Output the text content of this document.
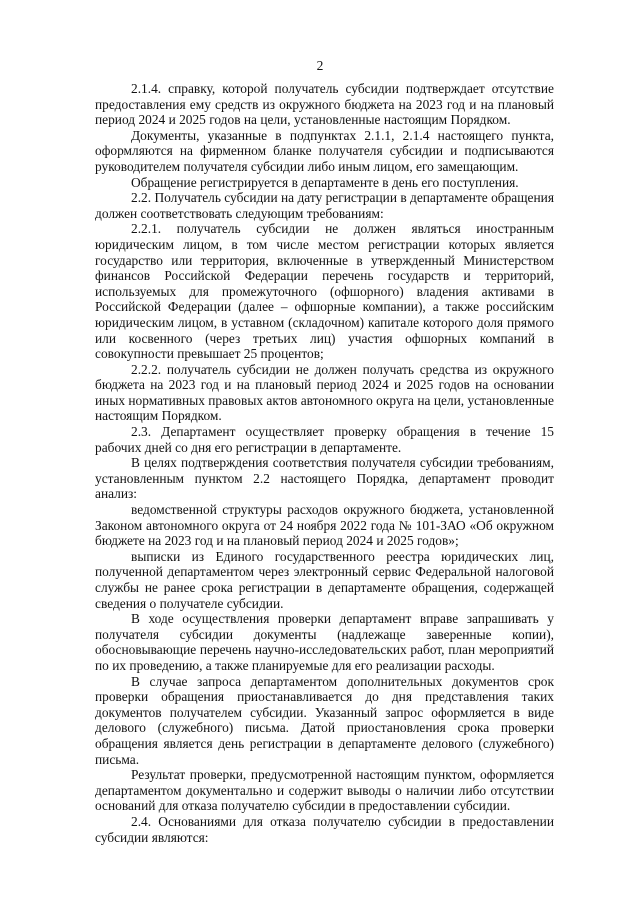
2

2.1.4. справку, которой получатель субсидии подтверждает отсутствие
предоставления ему средств из окружного бюджета на 2023 год и на плановый
период 2024 и 2025 годов на цели, установленные настоящим Порядком.

Документы, указанные в подпунктах 2.1.1, 2.1.4 настоящего пункта,
оформляются на фирменном бланке получателя субсидии и подписываются
руководителем получателя субсидии либо иным лицом, его замещающим.

Обращение регистрируется в департаменте в день его поступления.

2.2. Получатель субсидии на дату регистрации в департаменте обращения
должен соответствовать следующим требованиям:

2.2.1. получатель субсидии не должен являться иностранным
юридическим лицом, в том числе местом регистрации которых является
государство или территория, включенные в утвержденный Министерством
финансов Российской Федерации перечень государств и территорий,
используемых для промежуточного (офшорного) владения активами в
Российской Федерации (далее – офшорные компании), а также российским
юридическим лицом, в уставном (складочном) капитале которого доля прямого
или косвенного (через третьих лиц) участия офшорных компаний в
совокупности превышает 25 процентов;

2.2.2. получатель субсидии не должен получать средства из окружного
бюджета на 2023 год и на плановый период 2024 и 2025 годов на основании
иных нормативных правовых актов автономного округа на цели, установленные
настоящим Порядком.

2.3. Департамент осуществляет проверку обращения в течение 15
рабочих дней со дня его регистрации в департаменте.

В целях подтверждения соответствия получателя субсидии требованиям,
установленным пунктом 2.2 настоящего Порядка, департамент проводит
анализ:

ведомственной структуры расходов окружного бюджета, установленной
Законом автономного округа от 24 ноября 2022 года № 101-ЗАО «Об окружном
бюджете на 2023 год и на плановый период 2024 и 2025 годов»;

выписки из Единого государственного реестра юридических лиц,
полученной департаментом через электронный сервис Федеральной налоговой
службы не ранее срока регистрации в департаменте обращения, содержащей
сведения о получателе субсидии.

В ходе осуществления проверки департамент вправе запрашивать у
получателя субсидии документы (надлежаще заверенные копии),
обосновывающие перечень научно-исследовательских работ, план мероприятий
по их проведению, а также планируемые для его реализации расходы.

В случае запроса департаментом дополнительных документов срок
проверки обращения приостанавливается до дня представления таких
документов получателем субсидии. Указанный запрос оформляется в виде
делового (служебного) письма. Датой приостановления срока проверки
обращения является день регистрации в департаменте делового (служебного)
письма.

Результат проверки, предусмотренной настоящим пунктом, оформляется
департаментом документально и содержит выводы о наличии либо отсутствии
оснований для отказа получателю субсидии в предоставлении субсидии.

2.4. Основаниями для отказа получателю субсидии в предоставлении
субсидии являются:
